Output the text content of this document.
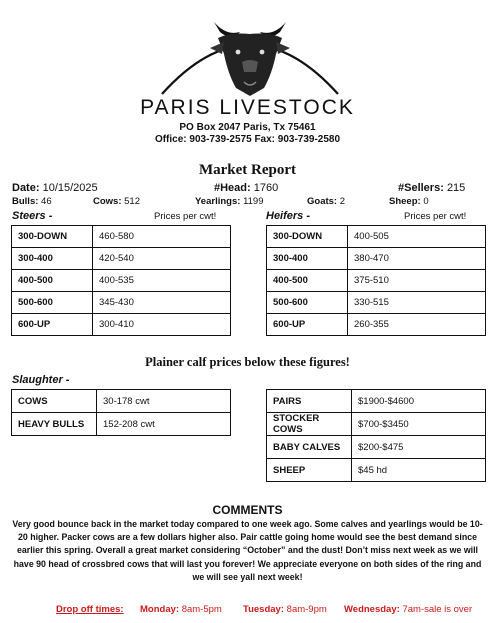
PARIS LIVESTOCK
PO Box 2047 Paris, Tx 75461
Office: 903-739-2575 Fax: 903-739-2580
Market Report
Date: 10/15/2025	#Head: 1760	#Sellers: 215
Bulls: 46	Cows: 512	Yearlings: 1199	Goats: 2	Sheep: 0
Steers -	Prices per cwt!
300-DOWN	460-580
300-400	420-540
400-500	400-535
500-600	345-430
600-UP	300-410
Heifers -	Prices per cwt!
300-DOWN	400-505
300-400	380-470
400-500	375-510
500-600	330-515
600-UP	260-355
Plainer calf prices below these figures!
Slaughter -
COWS	30-178 cwt
HEAVY BULLS	152-208 cwt
PAIRS	$1900-$4600
STOCKER COWS	$700-$3450
BABY CALVES	$200-$475
SHEEP	$45 hd
COMMENTS
Very good bounce back in the market today compared to one week ago. Some calves and yearlings would be 10-20 higher. Packer cows are a few dollars higher also. Pair cattle going home would see the best demand since earlier this spring. Overall a great market considering “October” and the dust! Don’t miss next week as we will have 90 head of crossbred cows that will last you forever! We appreciate everyone on both sides of the ring and we will see yall next week!
Drop off times: Monday: 8am-5pm Tuesday: 8am-9pm Wednesday: 7am-sale is over
